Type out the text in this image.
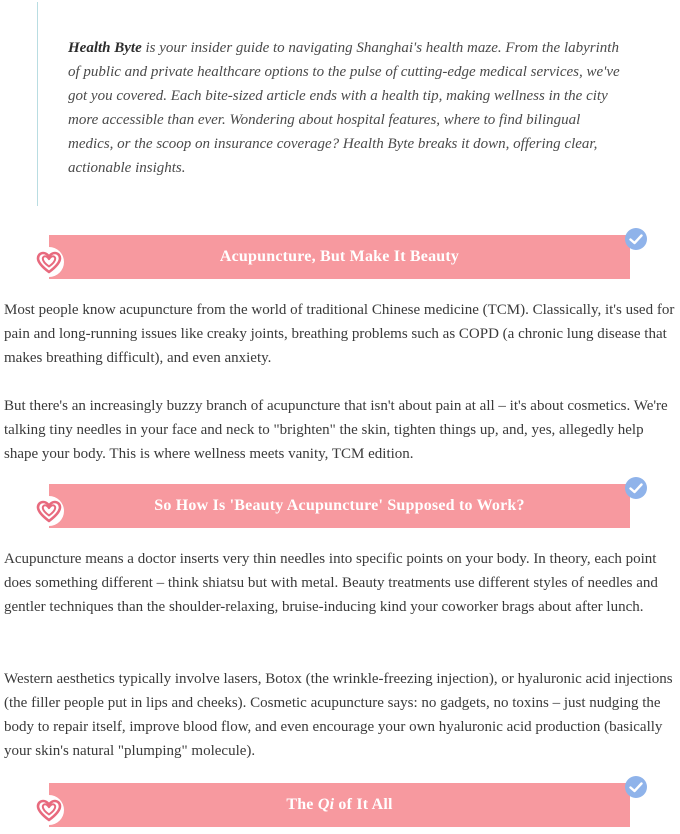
Health Byte is your insider guide to navigating Shanghai's health maze. From the labyrinth of public and private healthcare options to the pulse of cutting-edge medical services, we've got you covered. Each bite-sized article ends with a health tip, making wellness in the city more accessible than ever. Wondering about hospital features, where to find bilingual medics, or the scoop on insurance coverage? Health Byte breaks it down, offering clear, actionable insights.

Acupuncture, But Make It Beauty

Most people know acupuncture from the world of traditional Chinese medicine (TCM). Classically, it's used for pain and long-running issues like creaky joints, breathing problems such as COPD (a chronic lung disease that makes breathing difficult), and even anxiety.

But there's an increasingly buzzy branch of acupuncture that isn't about pain at all – it's about cosmetics. We're talking tiny needles in your face and neck to "brighten" the skin, tighten things up, and, yes, allegedly help shape your body. This is where wellness meets vanity, TCM edition.

So How Is 'Beauty Acupuncture' Supposed to Work?

Acupuncture means a doctor inserts very thin needles into specific points on your body. In theory, each point does something different – think shiatsu but with metal. Beauty treatments use different styles of needles and gentler techniques than the shoulder-relaxing, bruise-inducing kind your coworker brags about after lunch.

Western aesthetics typically involve lasers, Botox (the wrinkle-freezing injection), or hyaluronic acid injections (the filler people put in lips and cheeks). Cosmetic acupuncture says: no gadgets, no toxins – just nudging the body to repair itself, improve blood flow, and even encourage your own hyaluronic acid production (basically your skin's natural "plumping" molecule).

The Qi of It All
